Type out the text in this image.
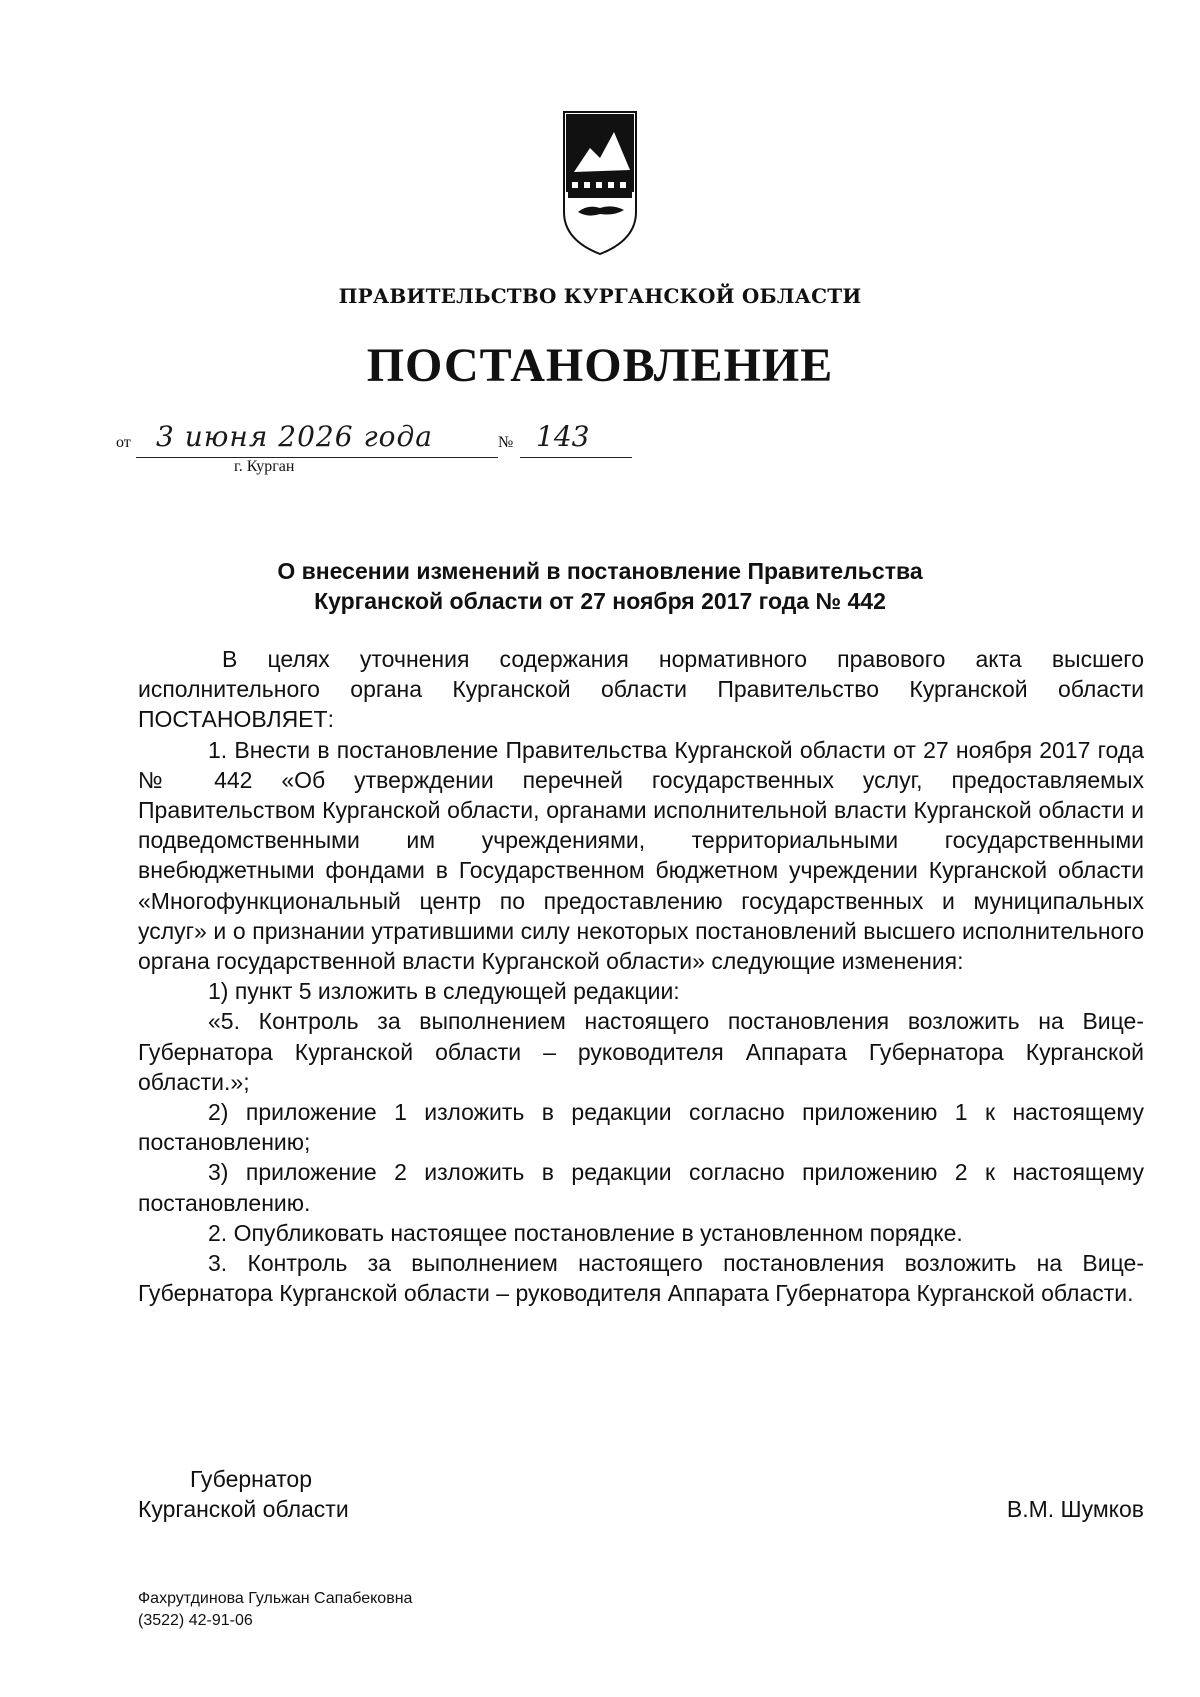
ПРАВИТЕЛЬСТВО КУРГАНСКОЙ ОБЛАСТИ
ПОСТАНОВЛЕНИЕ
от 3 июня 2026 года	№ 143
г. Курган
О внесении изменений в постановление Правительства
Курганской области от 27 ноября 2017 года № 442

В целях уточнения содержания нормативного правового акта высшего исполнительного органа Курганской области Правительство Курганской области ПОСТАНОВЛЯЕТ:

1. Внести в постановление Правительства Курганской области от 27 ноября 2017 года № 442 «Об утверждении перечней государственных услуг, предоставляемых Правительством Курганской области, органами исполнительной власти Курганской области и подведомственными им учреждениями, территориальными государственными внебюджетными фондами в Государственном бюджетном учреждении Курганской области «Многофункциональный центр по предоставлению государственных и муниципальных услуг» и о признании утратившими силу некоторых постановлений высшего исполнительного органа государственной власти Курганской области» следующие изменения:

1) пункт 5 изложить в следующей редакции:

«5. Контроль за выполнением настоящего постановления возложить на Вице-Губернатора Курганской области – руководителя Аппарата Губернатора Курганской области.»;

2) приложение 1 изложить в редакции согласно приложению 1 к настоящему постановлению;

3) приложение 2 изложить в редакции согласно приложению 2 к настоящему постановлению.

2. Опубликовать настоящее постановление в установленном порядке.

3. Контроль за выполнением настоящего постановления возложить на Вице-Губернатора Курганской области – руководителя Аппарата Губернатора Курганской области.

Губернатор
Курганской области	В.М. Шумков
Фахрутдинова Гульжан Сапабековна
(3522) 42-91-06
